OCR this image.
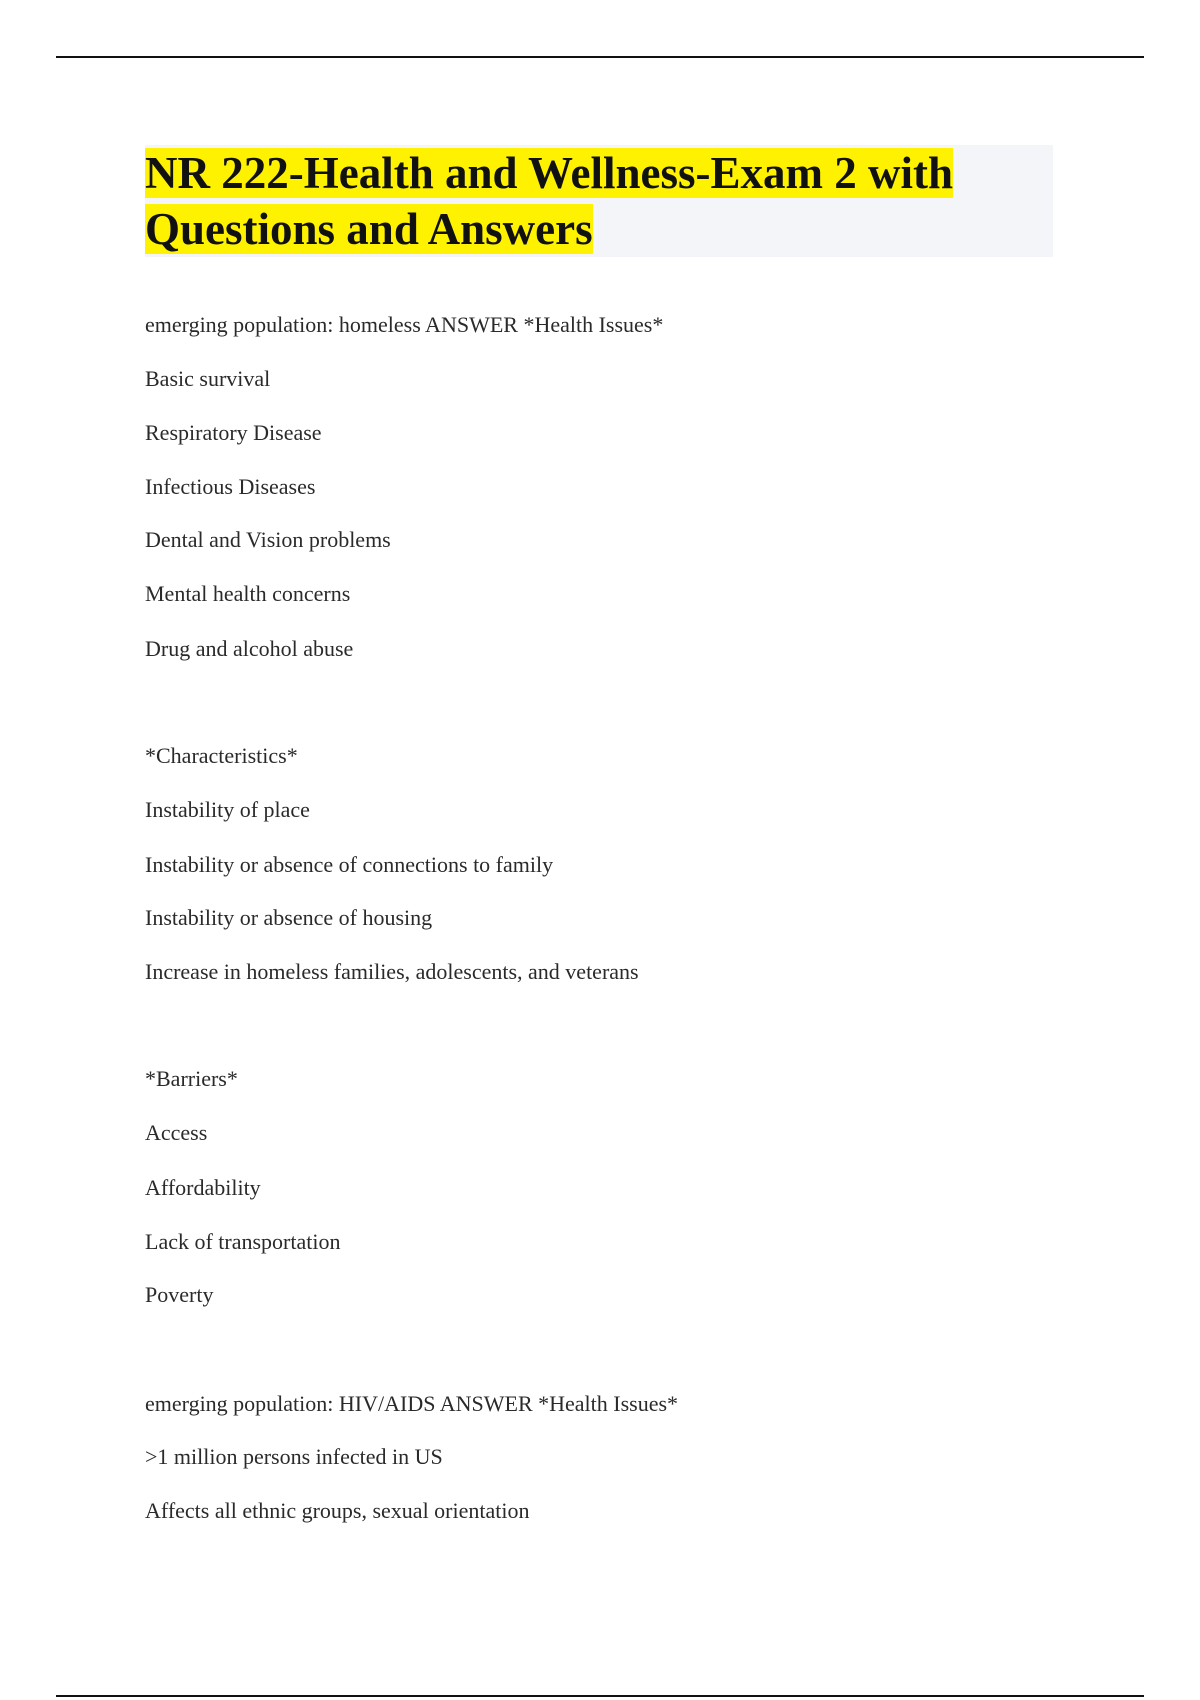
NR 222-Health and Wellness-Exam 2 with
Questions and Answers
emerging population: homeless ANSWER *Health Issues*
Basic survival
Respiratory Disease
Infectious Diseases
Dental and Vision problems
Mental health concerns
Drug and alcohol abuse
*Characteristics*
Instability of place
Instability or absence of connections to family
Instability or absence of housing
Increase in homeless families, adolescents, and veterans
*Barriers*
Access
Affordability
Lack of transportation
Poverty
emerging population: HIV/AIDS ANSWER *Health Issues*
>1 million persons infected in US
Affects all ethnic groups, sexual orientation
